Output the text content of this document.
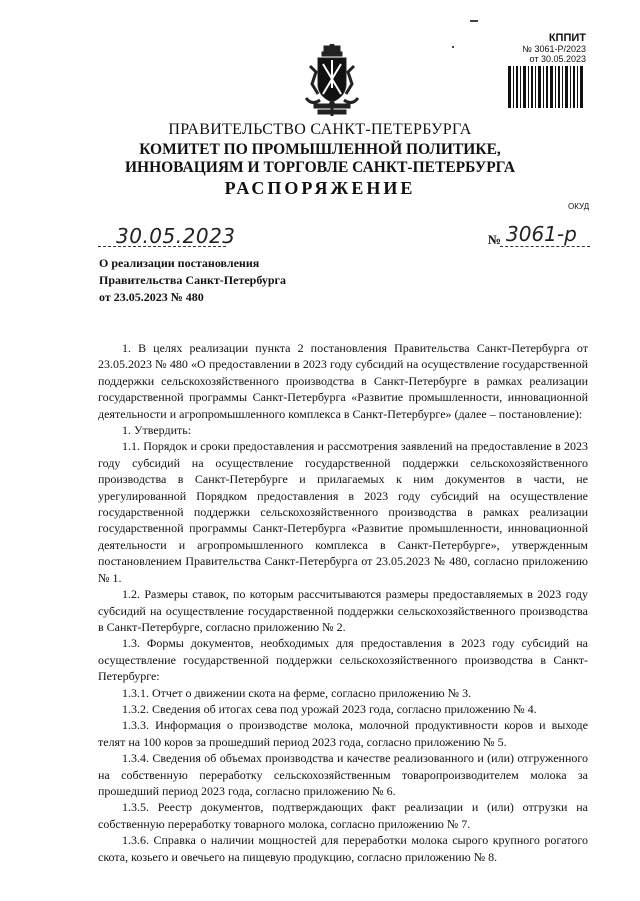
КППИТ
№ 3061-Р/2023
от 30.05.2023
ПРАВИТЕЛЬСТВО САНКТ-ПЕТЕРБУРГА
КОМИТЕТ ПО ПРОМЫШЛЕННОЙ ПОЛИТИКЕ,
ИННОВАЦИЯМ И ТОРГОВЛЕ САНКТ-ПЕТЕРБУРГА
РАСПОРЯЖЕНИЕ
ОКУД
30.05.2023	№ 3061-р
О реализации постановления
Правительства Санкт-Петербурга
от 23.05.2023 № 480

1. В целях реализации пункта 2 постановления Правительства Санкт-Петербурга от 23.05.2023 № 480 «О предоставлении в 2023 году субсидий на осуществление государственной поддержки сельскохозяйственного производства в Санкт-Петербурге в рамках реализации государственной программы Санкт-Петербурга «Развитие промышленности, инновационной деятельности и агропромышленного комплекса в Санкт-Петербурге» (далее – постановление):

1. Утвердить:

1.1. Порядок и сроки предоставления и рассмотрения заявлений на предоставление в 2023 году субсидий на осуществление государственной поддержки сельскохозяйственного производства в Санкт-Петербурге и прилагаемых к ним документов в части, не урегулированной Порядком предоставления в 2023 году субсидий на осуществление государственной поддержки сельскохозяйственного производства в рамках реализации государственной программы Санкт-Петербурга «Развитие промышленности, инновационной деятельности и агропромышленного комплекса в Санкт-Петербурге», утвержденным постановлением Правительства Санкт-Петербурга от 23.05.2023 № 480, согласно приложению № 1.

1.2. Размеры ставок, по которым рассчитываются размеры предоставляемых в 2023 году субсидий на осуществление государственной поддержки сельскохозяйственного производства в Санкт-Петербурге, согласно приложению № 2.

1.3. Формы документов, необходимых для предоставления в 2023 году субсидий на осуществление государственной поддержки сельскохозяйственного производства в Санкт-Петербурге:

1.3.1. Отчет о движении скота на ферме, согласно приложению № 3.

1.3.2. Сведения об итогах сева под урожай 2023 года, согласно приложению № 4.

1.3.3. Информация о производстве молока, молочной продуктивности коров и выходе телят на 100 коров за прошедший период 2023 года, согласно приложению № 5.

1.3.4. Сведения об объемах производства и качестве реализованного и (или) отгруженного на собственную переработку сельскохозяйственным товаропроизводителем молока за прошедший период 2023 года, согласно приложению № 6.

1.3.5. Реестр документов, подтверждающих факт реализации и (или) отгрузки на собственную переработку товарного молока, согласно приложению № 7.

1.3.6. Справка о наличии мощностей для переработки молока сырого крупного рогатого скота, козьего и овечьего на пищевую продукцию, согласно приложению № 8.
